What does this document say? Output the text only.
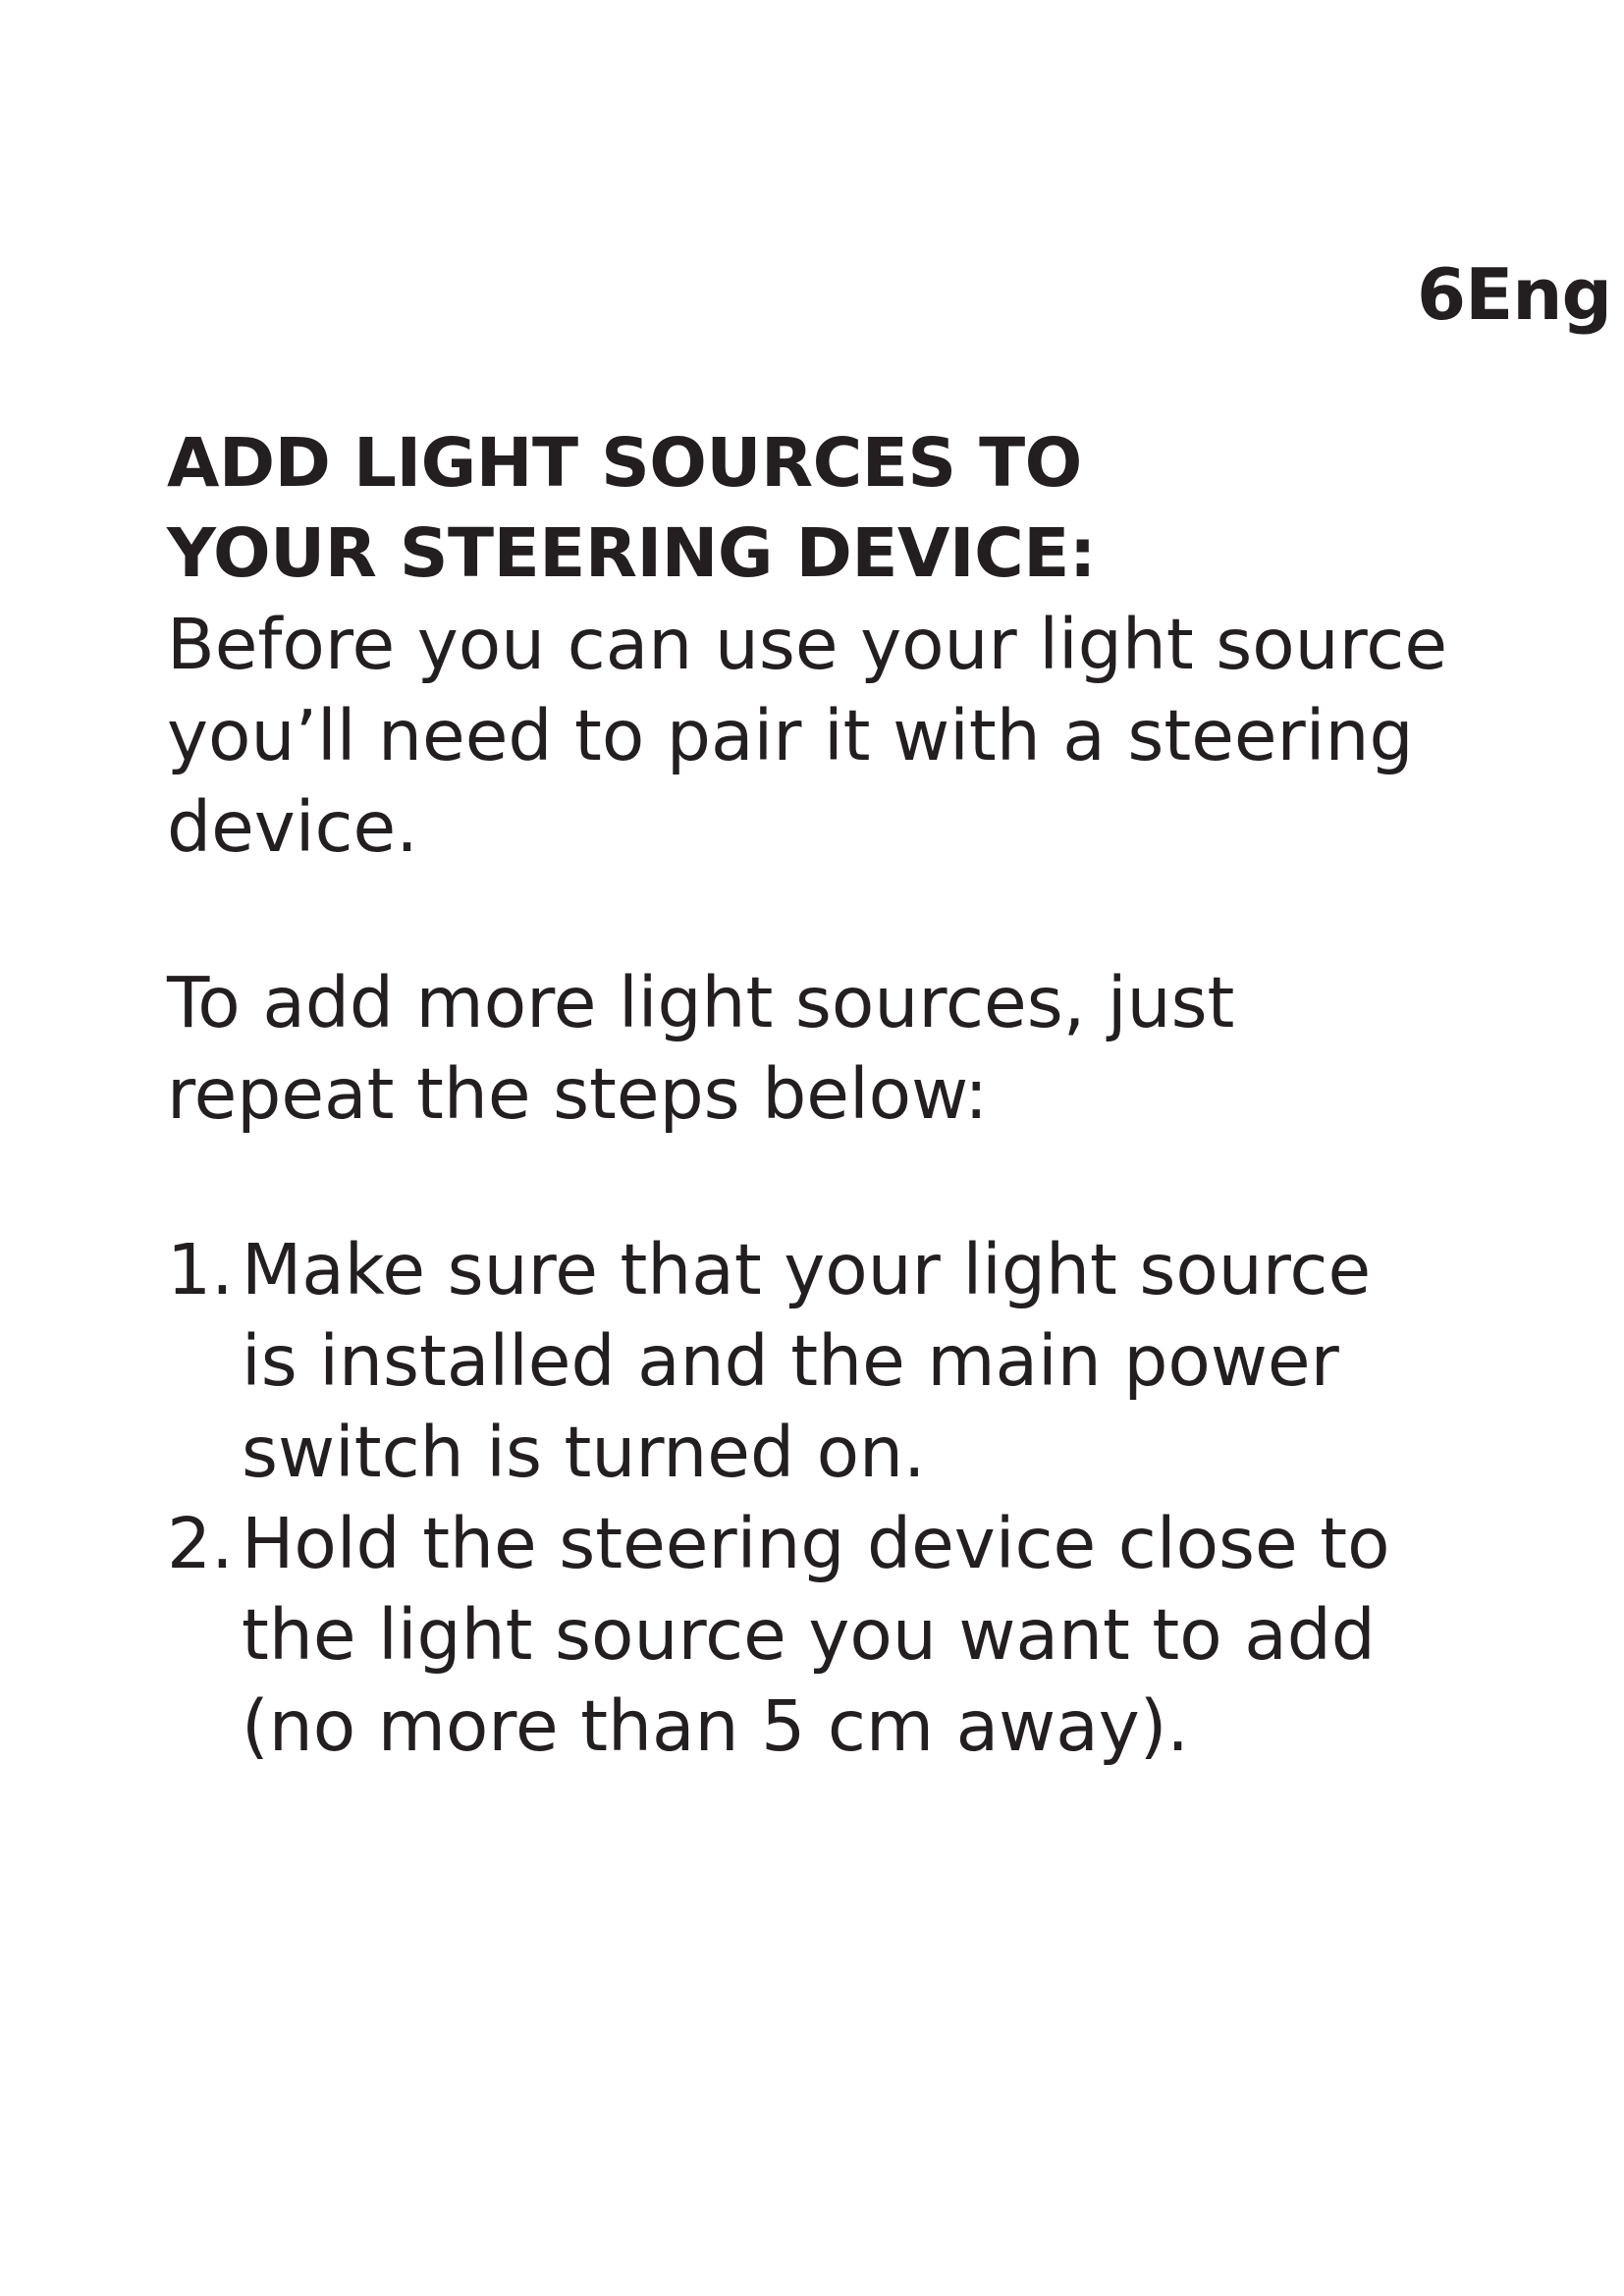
6Eng
ADD LIGHT SOURCES TO
YOUR STEERING DEVICE:

Before you can use your light source
you’ll need to pair it with a steering
device.

To add more light sources, just
repeat the steps below:

1. Make sure that your light source
is installed and the main power
switch is turned on.
2. Hold the steering device close to
the light source you want to add
(no more than 5 cm away).
